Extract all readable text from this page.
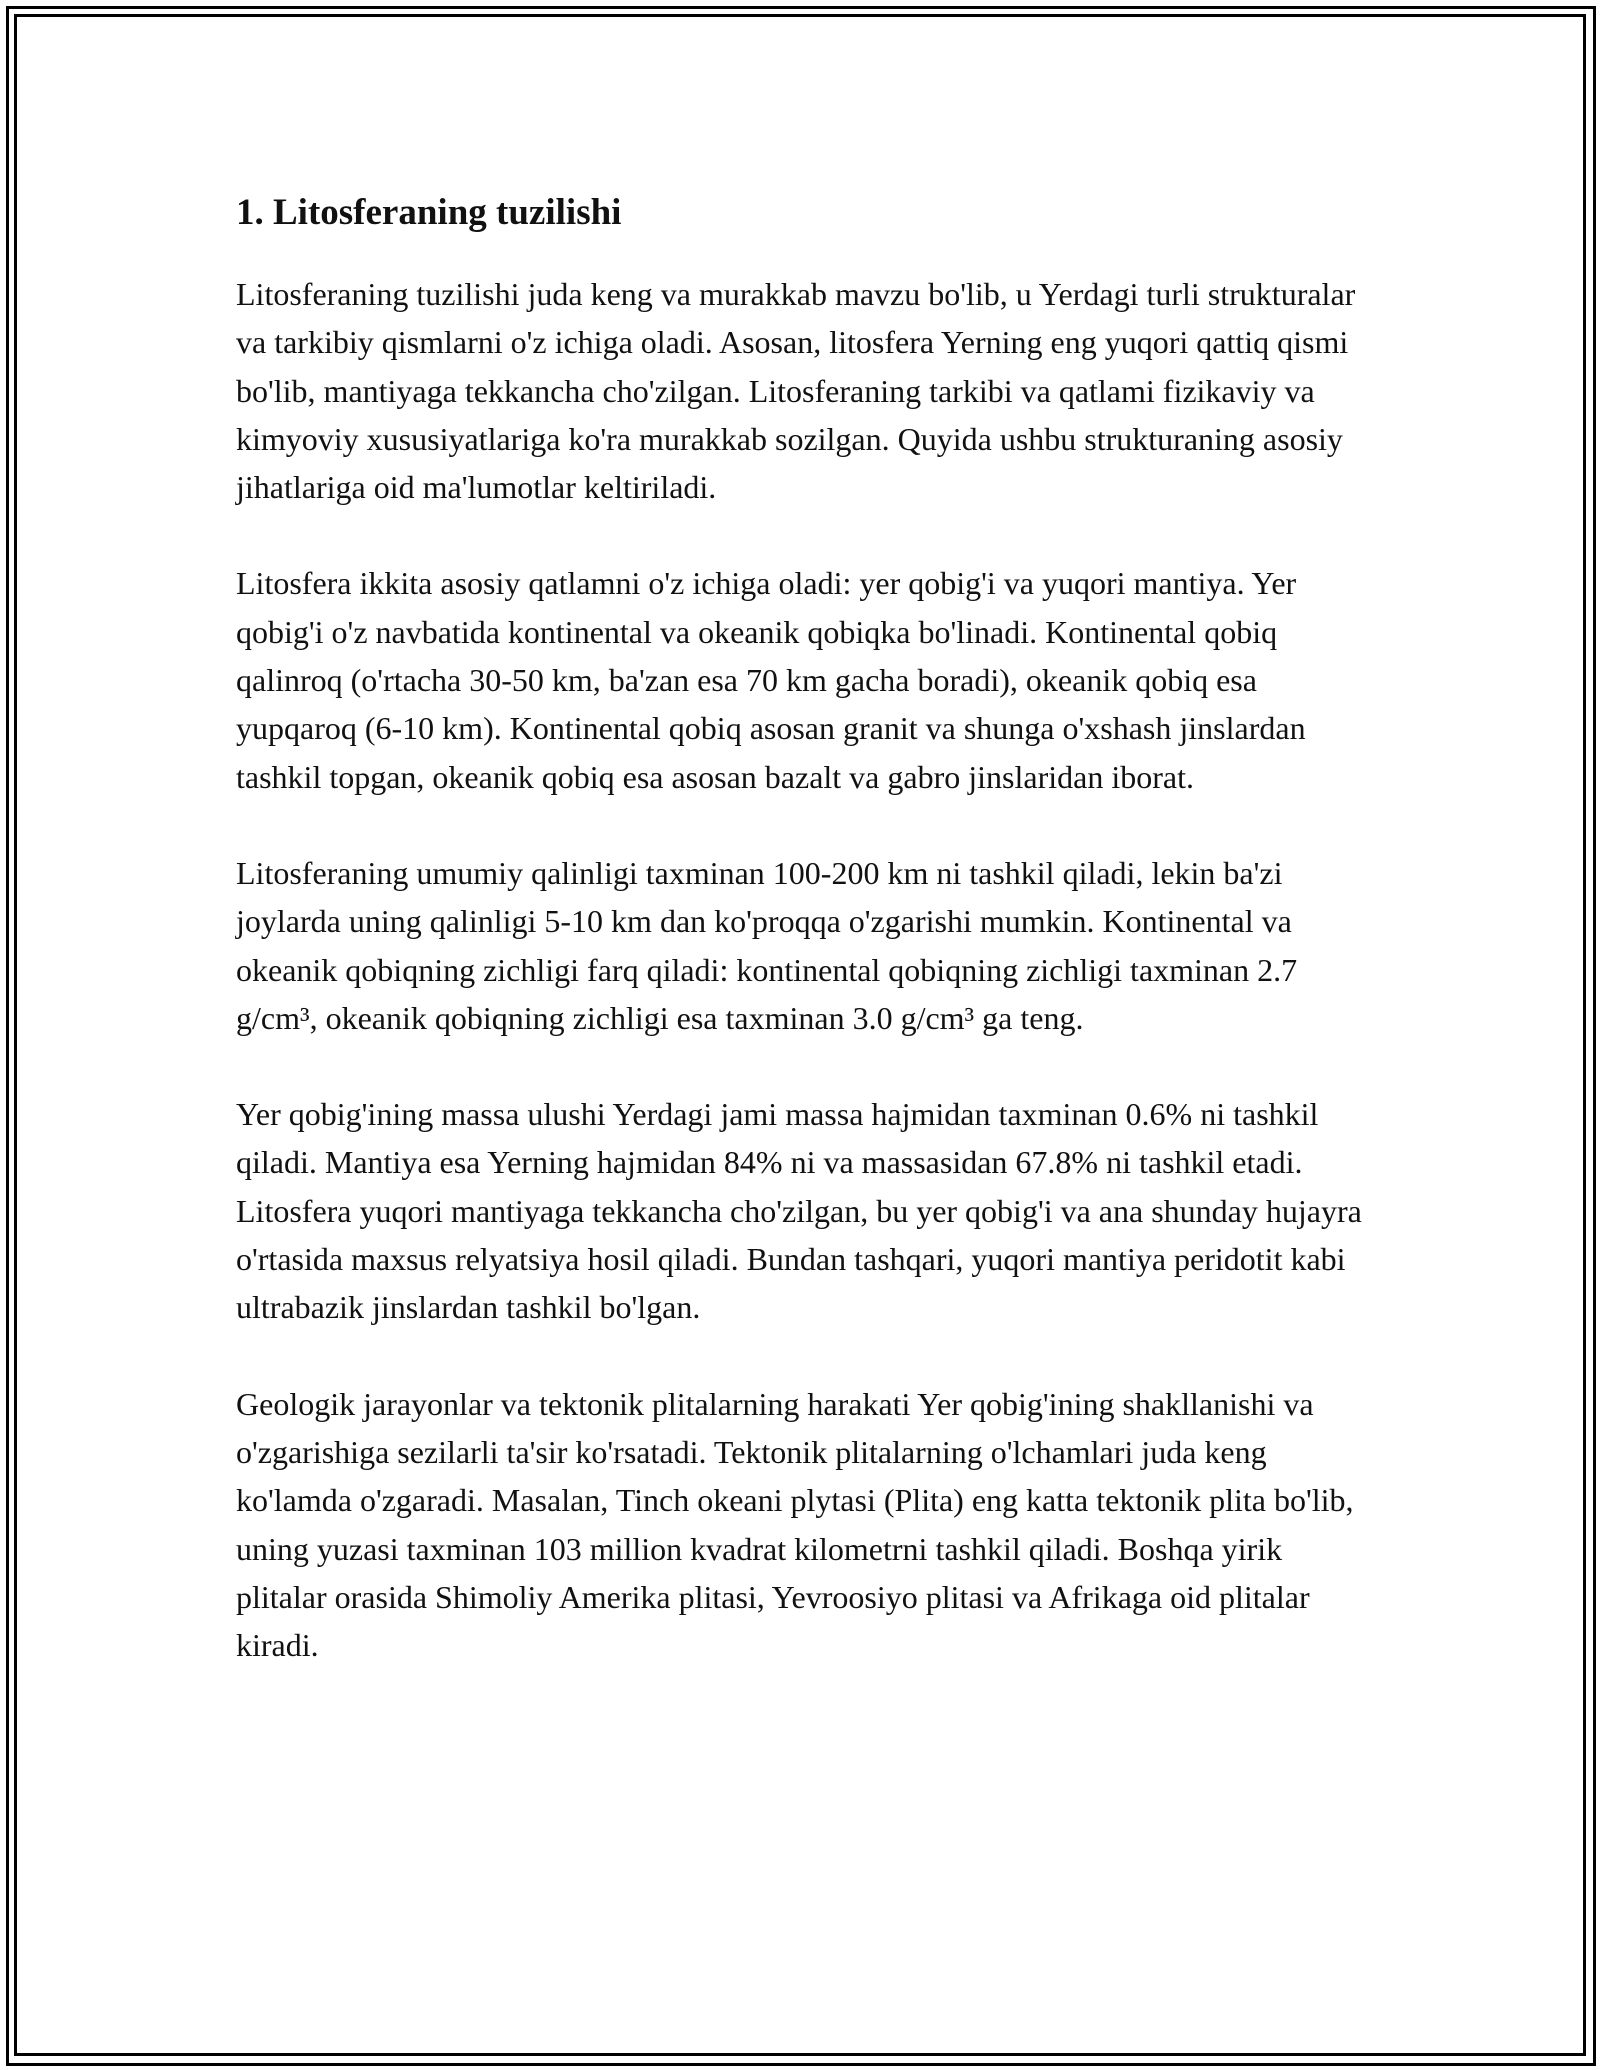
1. Litosferaning tuzilishi

Litosferaning tuzilishi juda keng va murakkab mavzu bo'lib, u Yerdagi turli strukturalar va tarkibiy qismlarni o'z ichiga oladi. Asosan, litosfera Yerning eng yuqori qattiq qismi bo'lib, mantiyaga tekkancha cho'zilgan. Litosferaning tarkibi va qatlami fizikaviy va kimyoviy xususiyatlariga ko'ra murakkab sozilgan. Quyida ushbu strukturaning asosiy jihatlariga oid ma'lumotlar keltiriladi.

Litosfera ikkita asosiy qatlamni o'z ichiga oladi: yer qobig'i va yuqori mantiya. Yer qobig'i o'z navbatida kontinental va okeanik qobiqka bo'linadi. Kontinental qobiq qalinroq (o'rtacha 30-50 km, ba'zan esa 70 km gacha boradi), okeanik qobiq esa yupqaroq (6-10 km). Kontinental qobiq asosan granit va shunga o'xshash jinslardan tashkil topgan, okeanik qobiq esa asosan bazalt va gabro jinslaridan iborat.

Litosferaning umumiy qalinligi taxminan 100-200 km ni tashkil qiladi, lekin ba'zi joylarda uning qalinligi 5-10 km dan ko'proqqa o'zgarishi mumkin. Kontinental va okeanik qobiqning zichligi farq qiladi: kontinental qobiqning zichligi taxminan 2.7 g/cm³, okeanik qobiqning zichligi esa taxminan 3.0 g/cm³ ga teng.

Yer qobig'ining massa ulushi Yerdagi jami massa hajmidan taxminan 0.6% ni tashkil qiladi. Mantiya esa Yerning hajmidan 84% ni va massasidan 67.8% ni tashkil etadi. Litosfera yuqori mantiyaga tekkancha cho'zilgan, bu yer qobig'i va ana shunday hujayra o'rtasida maxsus relyatsiya hosil qiladi. Bundan tashqari, yuqori mantiya peridotit kabi ultrabazik jinslardan tashkil bo'lgan.

Geologik jarayonlar va tektonik plitalarning harakati Yer qobig'ining shakllanishi va o'zgarishiga sezilarli ta'sir ko'rsatadi. Tektonik plitalarning o'lchamlari juda keng ko'lamda o'zgaradi. Masalan, Tinch okeani plytasi (Plita) eng katta tektonik plita bo'lib, uning yuzasi taxminan 103 million kvadrat kilometrni tashkil qiladi. Boshqa yirik plitalar orasida Shimoliy Amerika plitasi, Yevroosiyo plitasi va Afrikaga oid plitalar kiradi.
